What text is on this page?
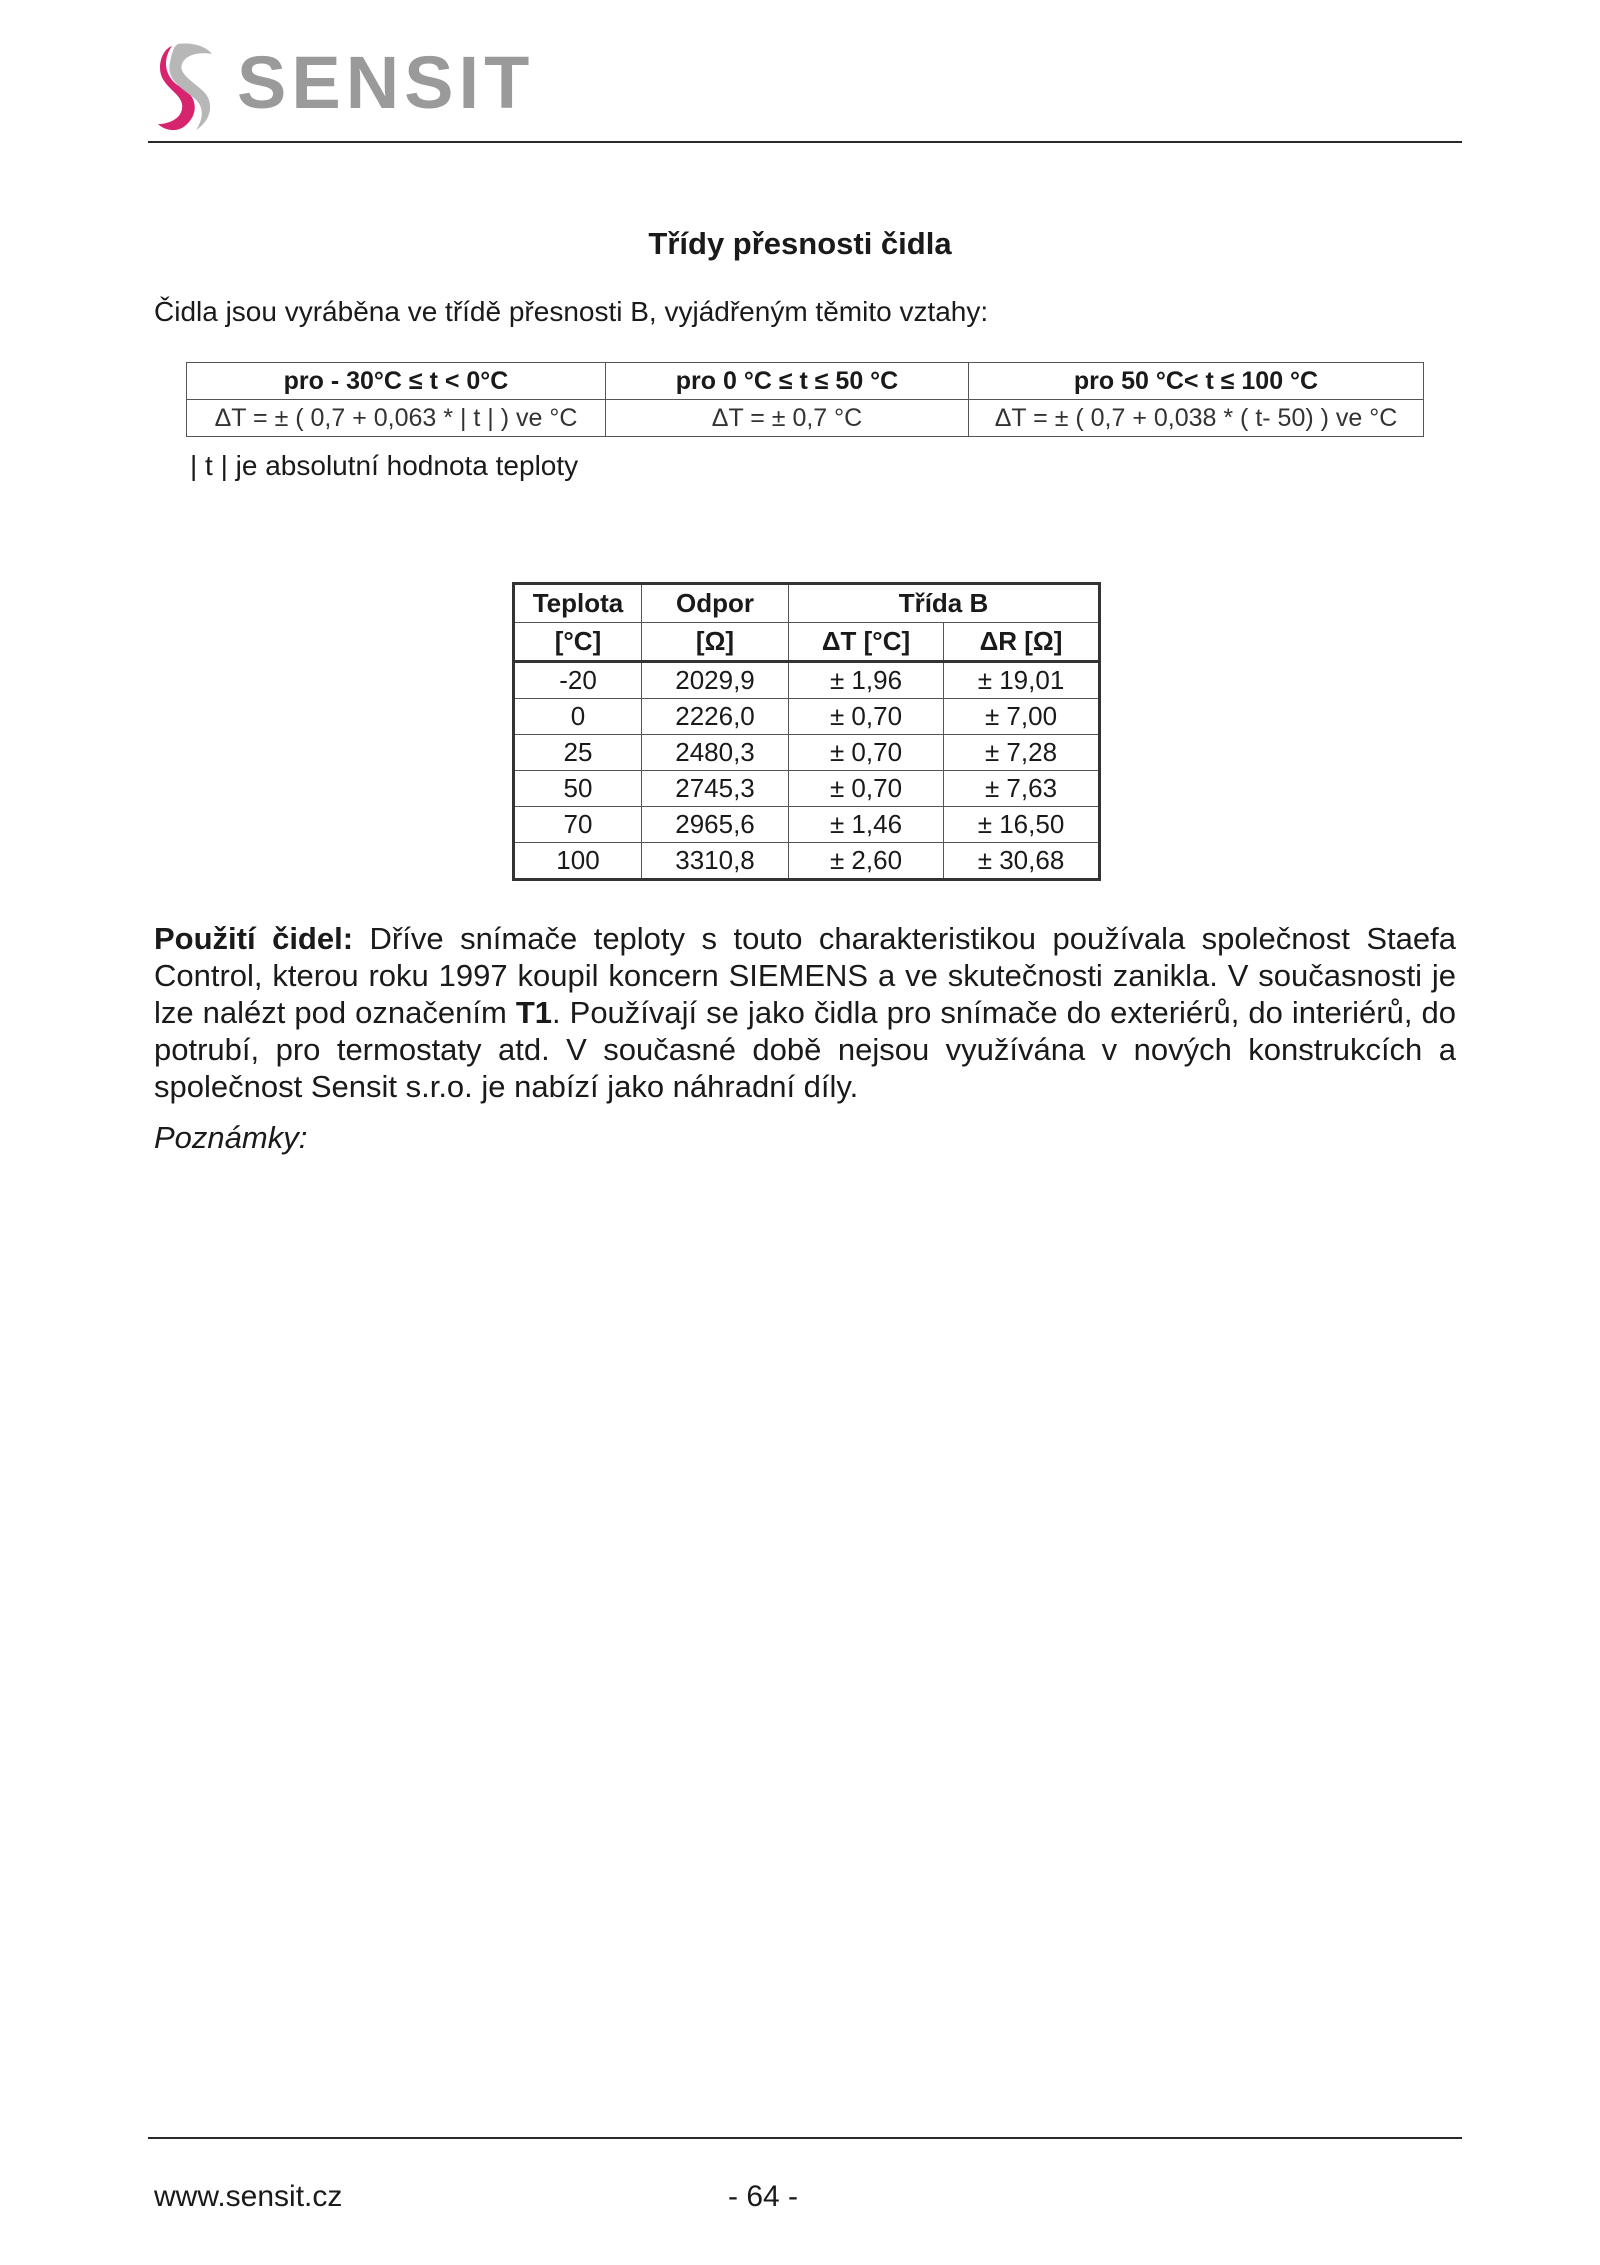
SENSIT
Třídy přesnosti čidla
Čidla jsou vyráběna ve třídě přesnosti B, vyjádřeným těmito vztahy:
pro - 30°C ≤ t < 0°C	pro 0 °C ≤ t ≤ 50 °C	pro 50 °C< t ≤ 100 °C
ΔT = ± ( 0,7 + 0,063 * | t | ) ve °C	ΔT = ± 0,7 °C	ΔT = ± ( 0,7 + 0,038 * ( t- 50) ) ve °C
| t | je absolutní hodnota teploty
Teplota	Odpor	Třída B	
[°C]	[Ω]	ΔT [°C]	ΔR [Ω]
-20	2029,9	± 1,96	± 19,01
0	2226,0	± 0,70	± 7,00
25	2480,3	± 0,70	± 7,28
50	2745,3	± 0,70	± 7,63
70	2965,6	± 1,46	± 16,50
100	3310,8	± 2,60	± 30,68
Použití čidel: Dříve snímače teploty s touto charakteristikou používala společnost Staefa Control, kterou roku 1997 koupil koncern SIEMENS a ve skutečnosti zanikla. V současnosti je lze nalézt pod označením T1. Používají se jako čidla pro snímače do exteriérů, do interiérů, do potrubí, pro termostaty atd. V současné době nejsou využívána v nových konstrukcích a společnost Sensit s.r.o. je nabízí jako náhradní díly.
Poznámky:
www.sensit.cz	- 64 -
